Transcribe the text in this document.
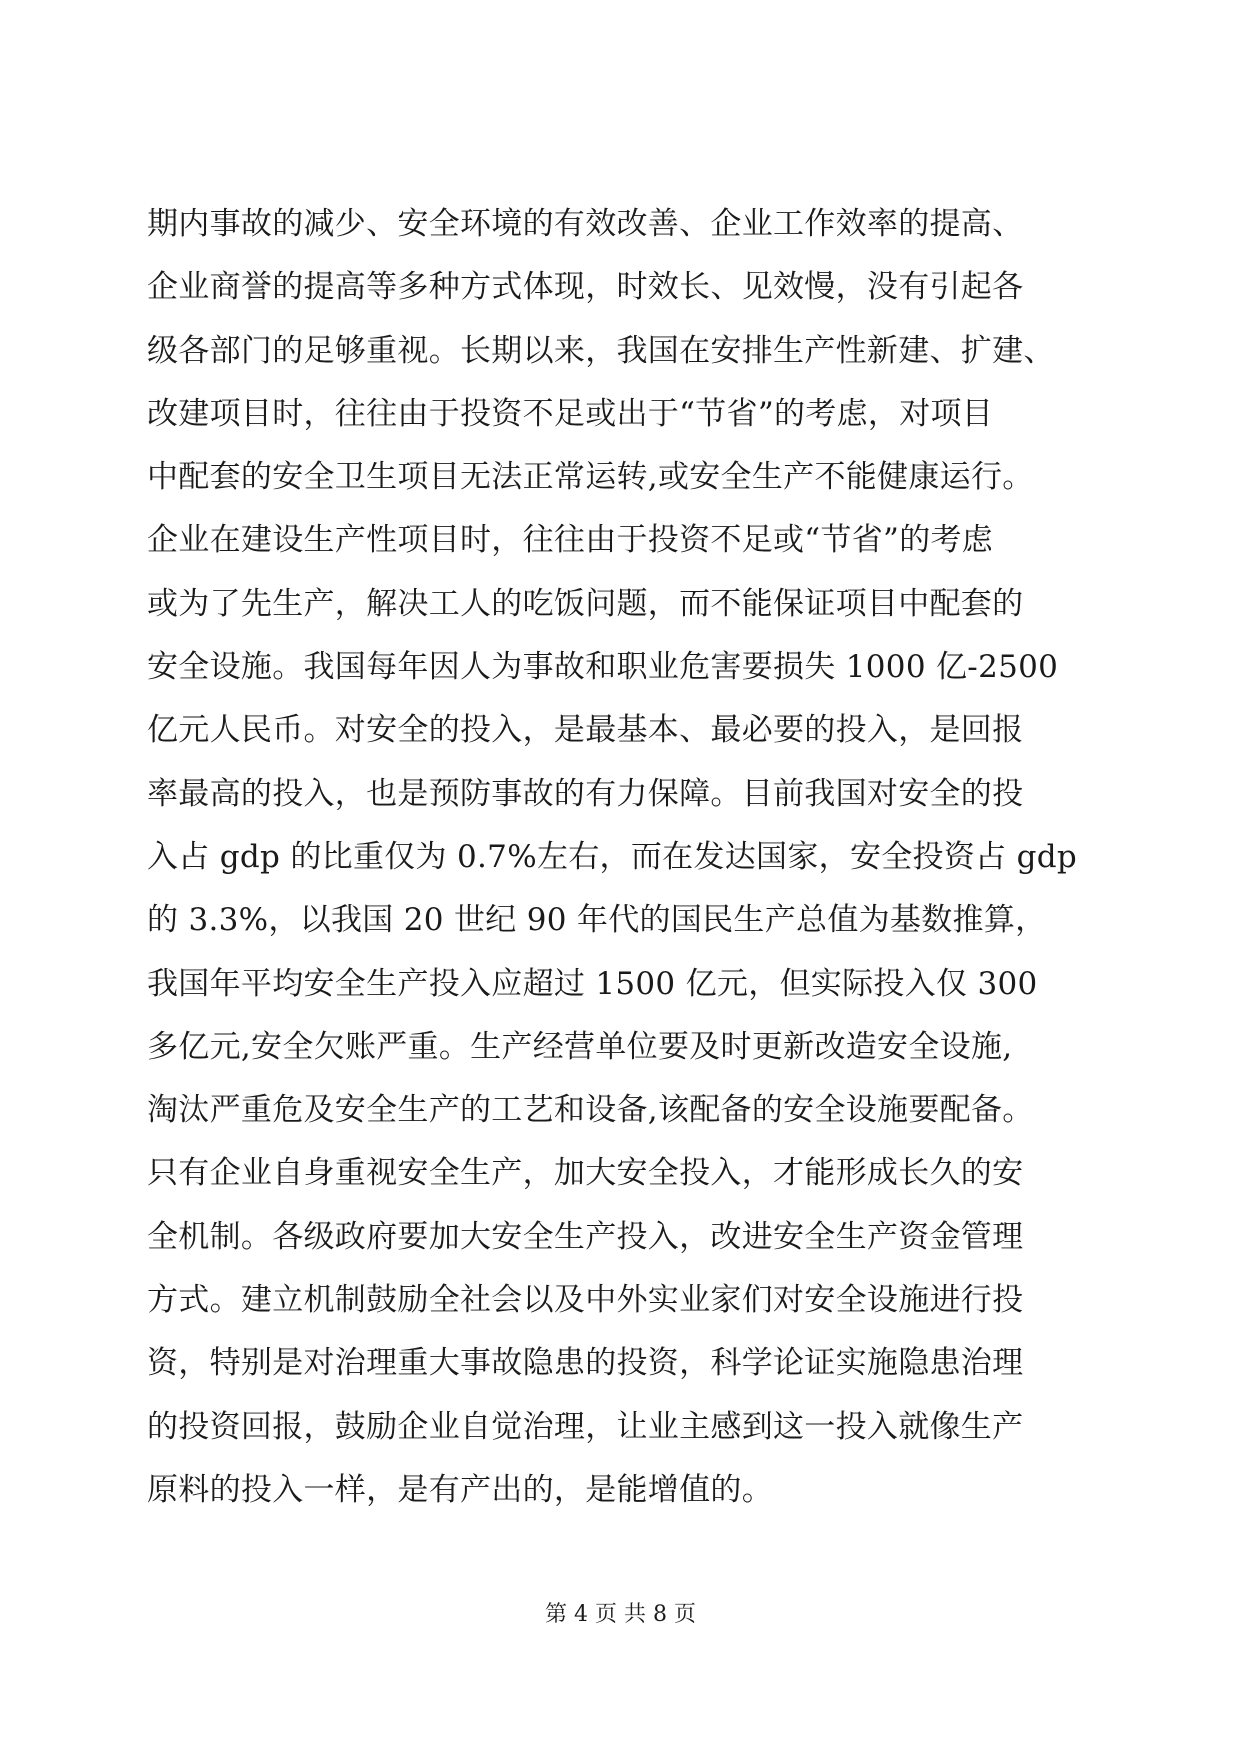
期内事故的减少、安全环境的有效改善、企业工作效率的提高、
企业商誉的提高等多种方式体现，时效长、见效慢，没有引起各
级各部门的足够重视。长期以来，我国在安排生产性新建、扩建、
改建项目时，往往由于投资不足或出于“节省”的考虑，对项目
中配套的安全卫生项目无法正常运转,或安全生产不能健康运行。
企业在建设生产性项目时，往往由于投资不足或“节省”的考虑
或为了先生产，解决工人的吃饭问题，而不能保证项目中配套的
安全设施。我国每年因人为事故和职业危害要损失 1000 亿-2500
亿元人民币。对安全的投入，是最基本、最必要的投入，是回报
率最高的投入，也是预防事故的有力保障。目前我国对安全的投
入占 gdp 的比重仅为 0.7%左右，而在发达国家，安全投资占 gdp
的 3.3%，以我国 20 世纪 90 年代的国民生产总值为基数推算，
我国年平均安全生产投入应超过 1500 亿元，但实际投入仅 300
多亿元,安全欠账严重。生产经营单位要及时更新改造安全设施,
淘汰严重危及安全生产的工艺和设备,该配备的安全设施要配备。
只有企业自身重视安全生产，加大安全投入，才能形成长久的安
全机制。各级政府要加大安全生产投入，改进安全生产资金管理
方式。建立机制鼓励全社会以及中外实业家们对安全设施进行投
资，特别是对治理重大事故隐患的投资，科学论证实施隐患治理
的投资回报，鼓励企业自觉治理，让业主感到这一投入就像生产
原料的投入一样，是有产出的，是能增值的。
第 4 页 共 8 页
